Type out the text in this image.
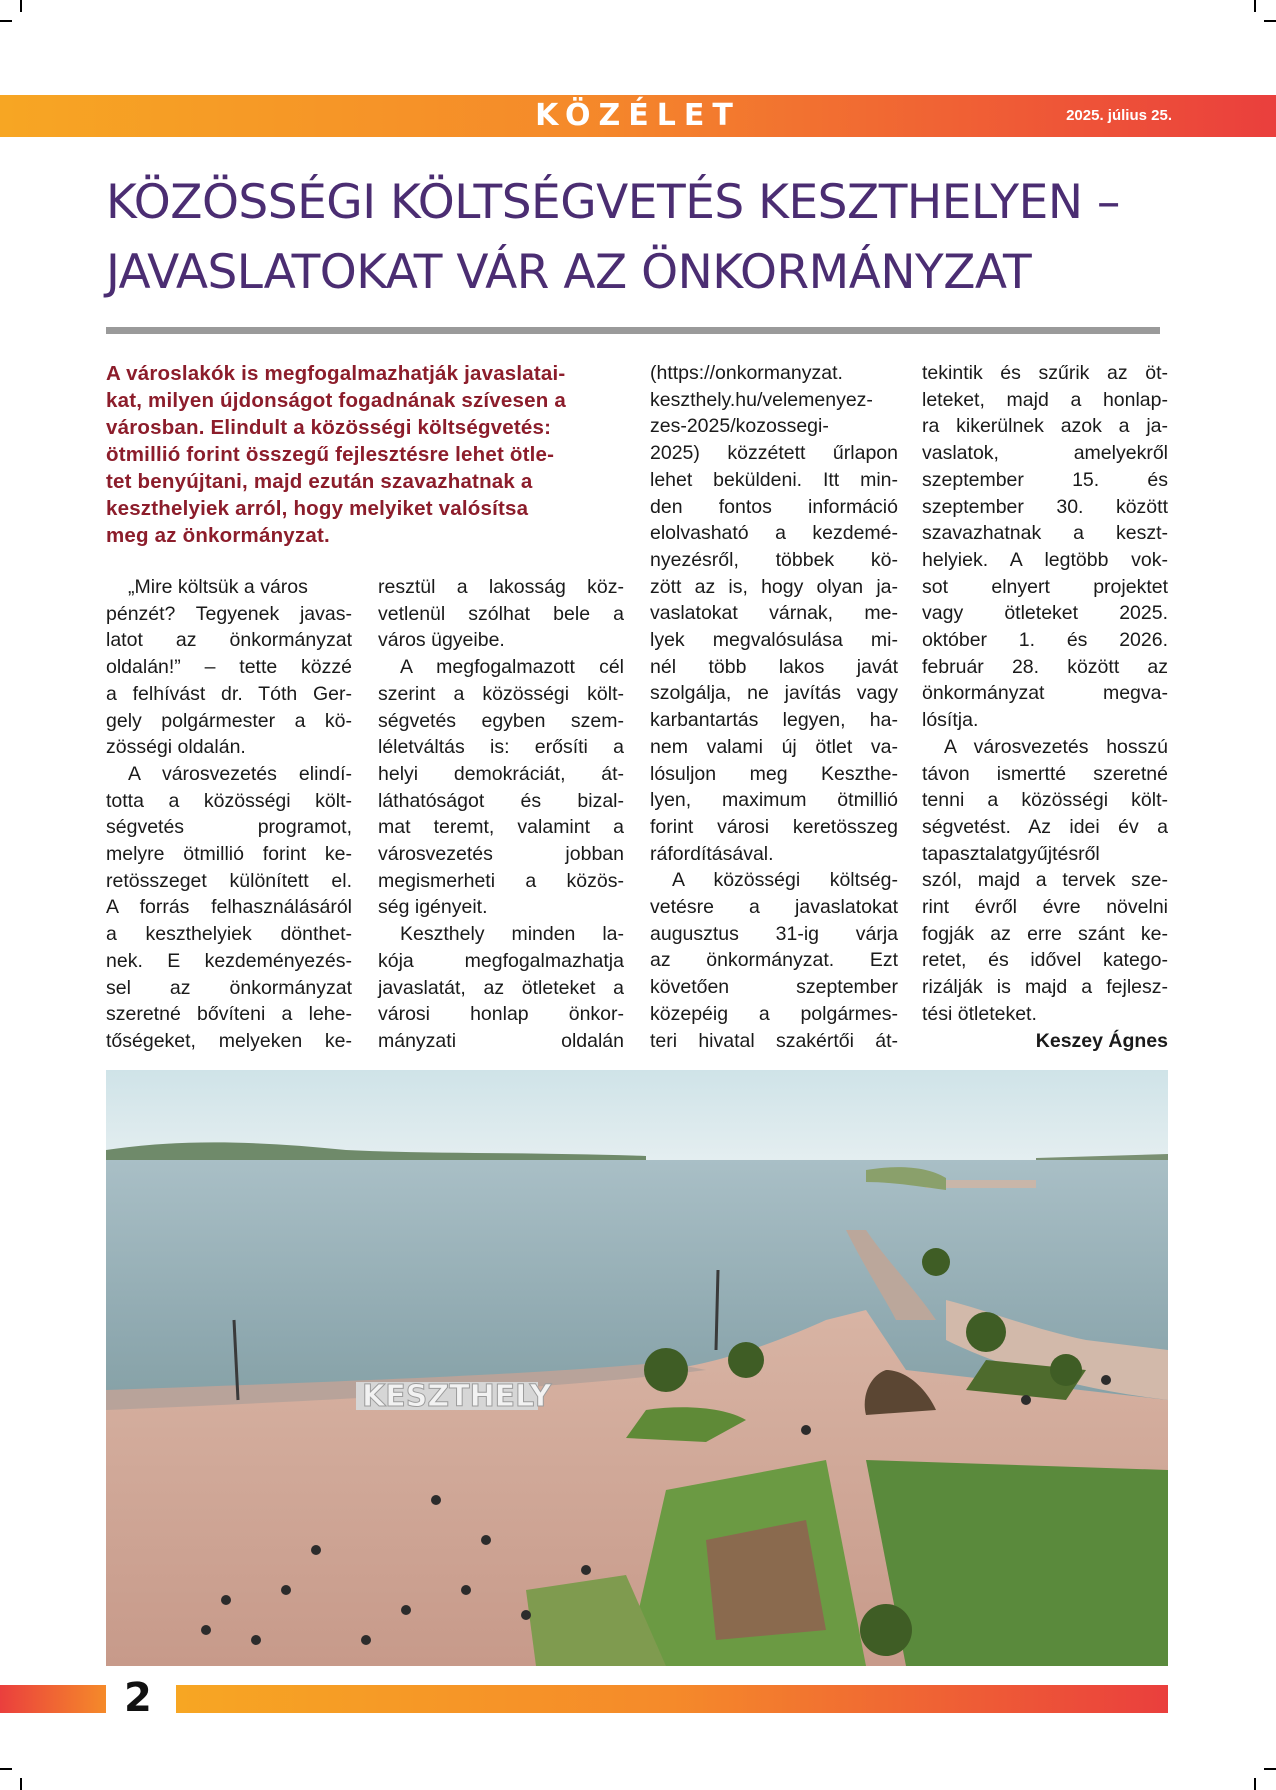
KÖZÉLET	2025. július 25.
KÖZÖSSÉGI KÖLTSÉGVETÉS KESZTHELYEN –
JAVASLATOKAT VÁR AZ ÖNKORMÁNYZAT

A városlakók is megfogalmazhatják javaslatai-
kat, milyen újdonságot fogadnának szívesen a
városban. Elindult a közösségi költségvetés:
ötmillió forint összegű fejlesztésre lehet ötle-
tet benyújtani, majd ezután szavazhatnak a
keszthelyiek arról, hogy melyiket valósítsa
meg az önkormányzat.

„Mire költsük a város
pénzét? Tegyenek javas-
latot az önkormányzat
oldalán!” – tette közzé
a felhívást dr. Tóth Ger-
gely polgármester a kö-
zösségi oldalán.
A városvezetés elindí-
totta a közösségi költ-
ségvetés programot,
melyre ötmillió forint ke-
retösszeget különített el.
A forrás felhasználásáról
a keszthelyiek dönthet-
nek. E kezdeményezés-
sel az önkormányzat
szeretné bővíteni a lehe-
tőségeket, melyeken ke-
resztül a lakosság köz-
vetlenül szólhat bele a
város ügyeibe.
A megfogalmazott cél
szerint a közösségi költ-
ségvetés egyben szem-
léletváltás is: erősíti a
helyi demokráciát, át-
láthatóságot és bizal-
mat teremt, valamint a
városvezetés jobban
megismerheti a közös-
ség igényeit.
Keszthely minden la-
kója megfogalmazhatja
javaslatát, az ötleteket a
városi honlap önkor-
mányzati oldalán
(https://onkormanyzat.
keszthely.hu/velemenyez-
zes-2025/kozossegi-
2025) közzétett űrlapon
lehet beküldeni. Itt min-
den fontos információ
elolvasható a kezdemé-
nyezésről, többek kö-
zött az is, hogy olyan ja-
vaslatokat várnak, me-
lyek megvalósulása mi-
nél több lakos javát
szolgálja, ne javítás vagy
karbantartás legyen, ha-
nem valami új ötlet va-
lósuljon meg Keszthe-
lyen, maximum ötmillió
forint városi keretösszeg
ráfordításával.
A közösségi költség-
vetésre a javaslatokat
augusztus 31-ig várja
az önkormányzat. Ezt
követően szeptember
közepéig a polgármes-
teri hivatal szakértői át-
tekintik és szűrik az öt-
leteket, majd a honlap-
ra kikerülnek azok a ja-
vaslatok, amelyekről
szeptember 15. és
szeptember 30. között
szavazhatnak a keszt-
helyiek. A legtöbb vok-
sot elnyert projektet
vagy ötleteket 2025.
október 1. és 2026.
február 28. között az
önkormányzat megva-
lósítja.
A városvezetés hosszú
távon ismertté szeretné
tenni a közösségi költ-
ségvetést. Az idei év a
tapasztalatgyűjtésről
szól, majd a tervek sze-
rint évről évre növelni
fogják az erre szánt ke-
retet, és idővel katego-
rizálják is majd a fejlesz-
tési ötleteket.
Keszey Ágnes
KESZTHELY
2
